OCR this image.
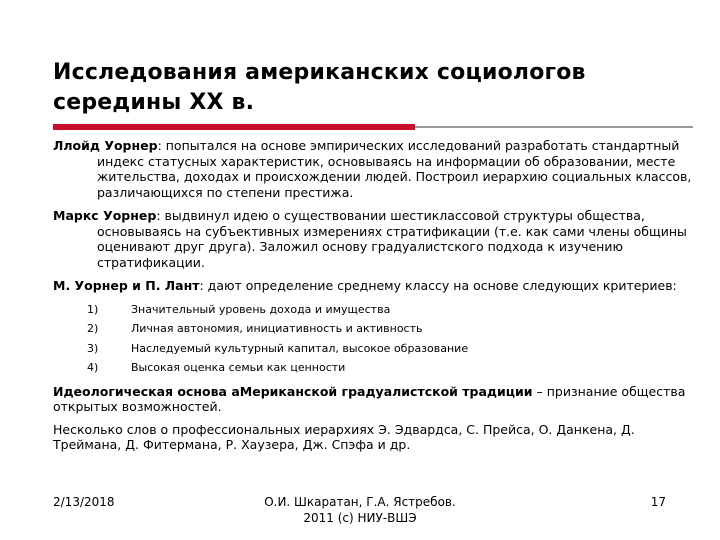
Исследования американских социологов середины XX в.
Ллойд Уорнер: попытался на основе эмпирических исследований разработать стандартный индекс статусных характеристик, основываясь на информации об образовании, месте жительства, доходах и происхождении людей. Построил иерархию социальных классов, различающихся по степени престижа.
Маркс Уорнер: выдвинул идею о существовании шестиклассовой структуры общества, основываясь на субъективных измерениях стратификации (т.е. как сами члены общины оценивают друг друга). Заложил основу градуалистского подхода к изучению стратификации.
М. Уорнер и П. Лант: дают определение среднему классу на основе следующих критериев:
1)	Значительный уровень дохода и имущества
2)	Личная автономия, инициативность и активность
3)	Наследуемый культурный капитал, высокое образование
4)	Высокая оценка семьи как ценности
Идеологическая основа аМериканской градуалистской традиции – признание общества открытых возможностей.
Несколько слов о профессиональных иерархиях Э. Эдвардса, С. Прейса, О. Данкена, Д. Треймана, Д. Фитермана, Р. Хаузера, Дж. Спэфа и др.
2/13/2018	О.И. Шкаратан, Г.А. Ястребов.
2011 (c) НИУ-ВШЭ
17
